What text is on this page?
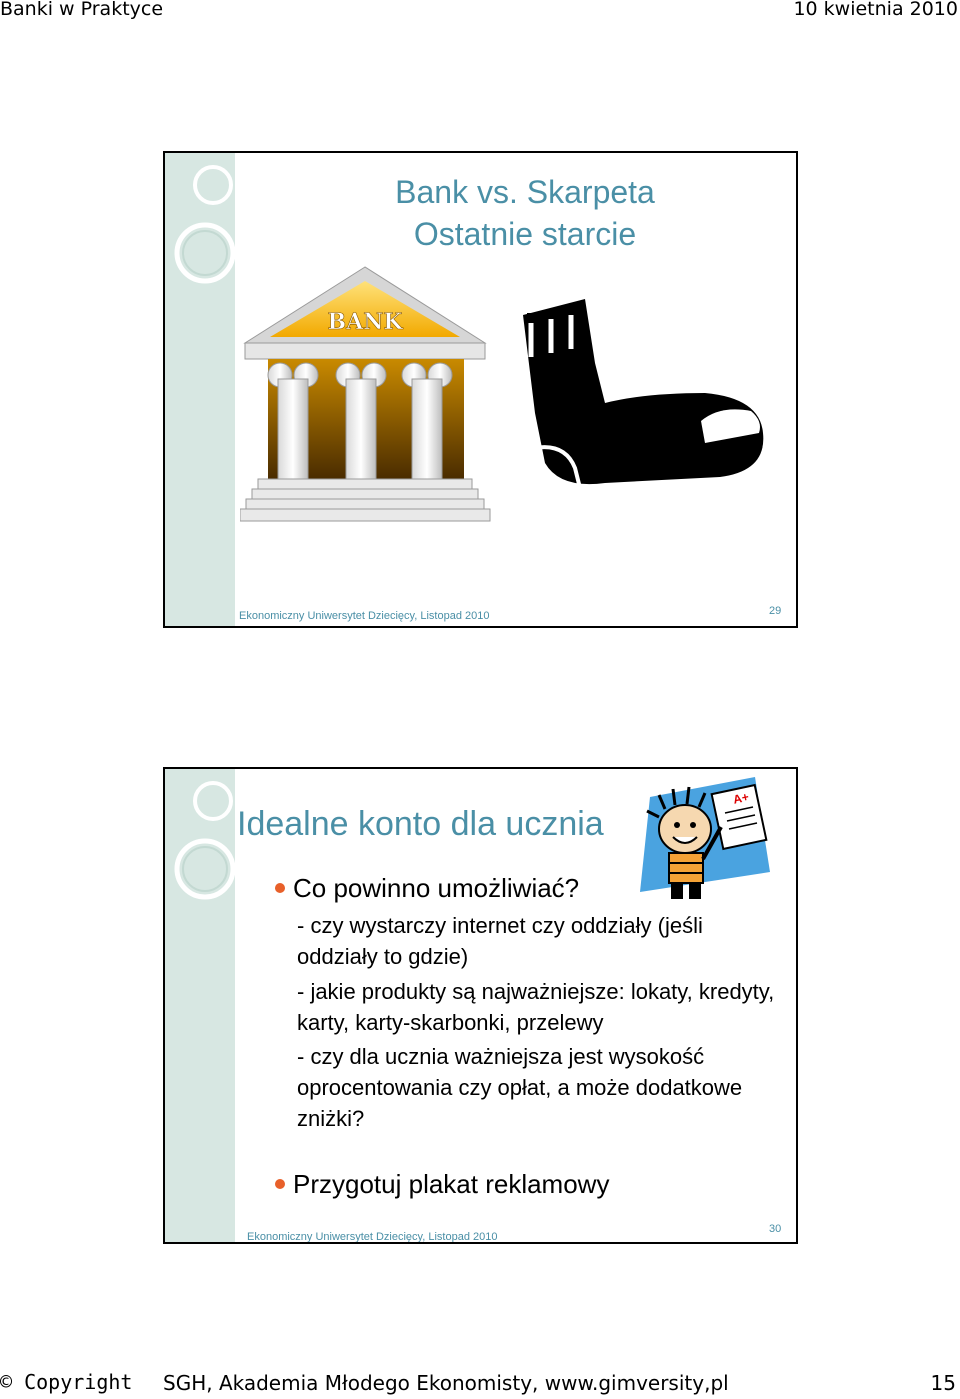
Banki w Praktyce	10 kwietnia 2010
Bank vs. Skarpeta
Ostatnie starcie
BANK
Ekonomiczny Uniwersytet Dziecięcy, Listopad 2010	29
Idealne konto dla ucznia
A+
Co powinno umożliwiać?
- czy wystarczy internet czy oddziały (jeśli oddziały to gdzie)
- jakie produkty są najważniejsze: lokaty, kredyty, karty, karty-skarbonki, przelewy
- czy dla ucznia ważniejsza jest wysokość oprocentowania czy opłat, a może dodatkowe zniżki?
Przygotuj plakat reklamowy
Ekonomiczny Uniwersytet Dziecięcy, Listopad 2010
30
© Copyright SGH, Akademia Młodego Ekonomisty, www.gimversity,pl	15
